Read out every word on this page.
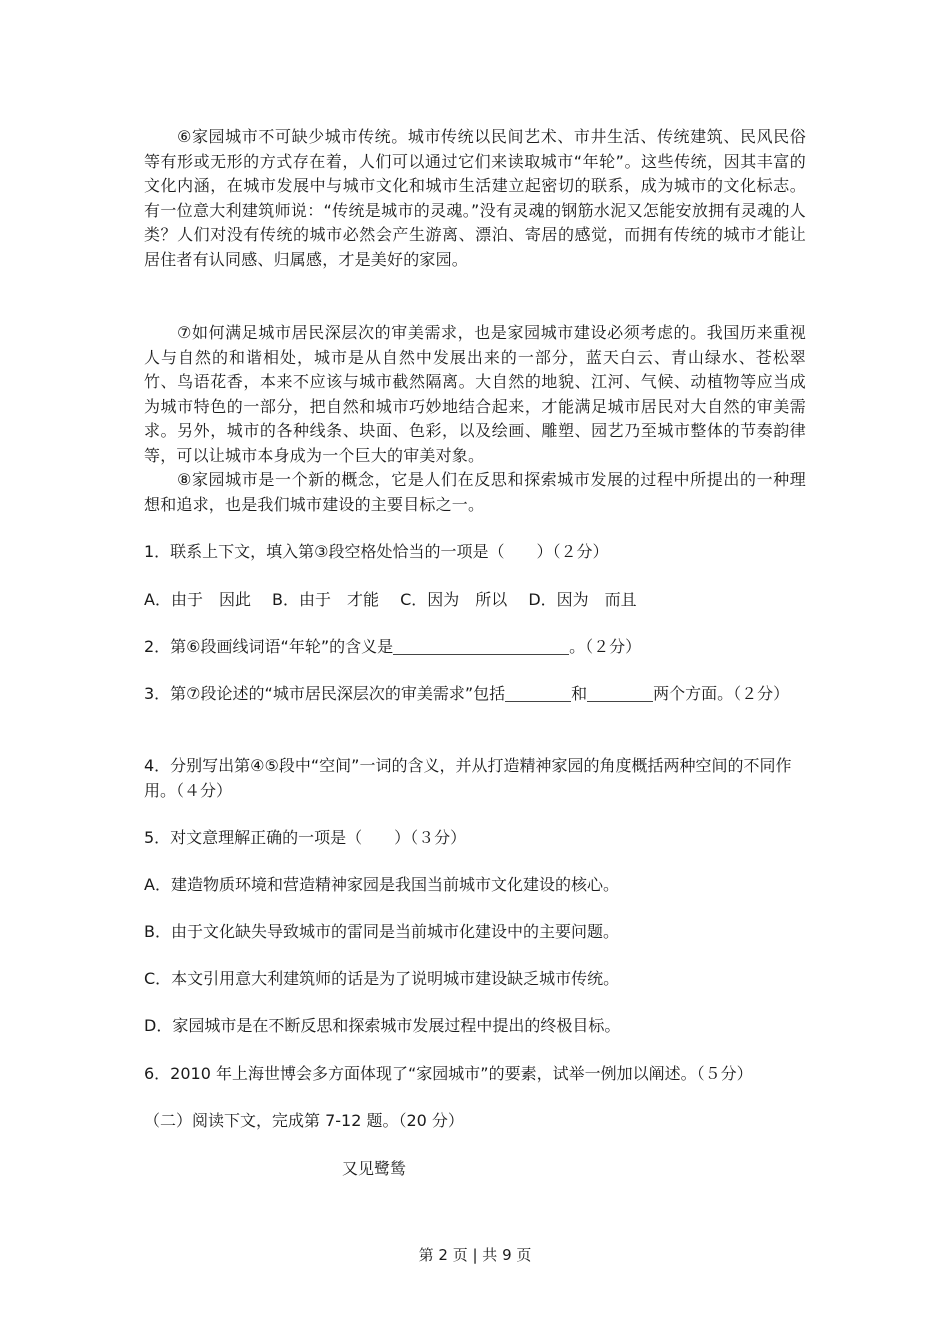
⑥家园城市不可缺少城市传统。城市传统以民间艺术、市井生活、传统建筑、民风民俗等有形或无形的方式存在着，人们可以通过它们来读取城市“年轮”。这些传统，因其丰富的文化内涵，在城市发展中与城市文化和城市生活建立起密切的联系，成为城市的文化标志。有一位意大利建筑师说：“传统是城市的灵魂。”没有灵魂的钢筋水泥又怎能安放拥有灵魂的人类？人们对没有传统的城市必然会产生游离、漂泊、寄居的感觉，而拥有传统的城市才能让居住者有认同感、归属感，才是美好的家园。

⑦如何满足城市居民深层次的审美需求，也是家园城市建设必须考虑的。我国历来重视人与自然的和谐相处，城市是从自然中发展出来的一部分，蓝天白云、青山绿水、苍松翠竹、鸟语花香，本来不应该与城市截然隔离。大自然的地貌、江河、气候、动植物等应当成为城市特色的一部分，把自然和城市巧妙地结合起来，才能满足城市居民对大自然的审美需求。另外，城市的各种线条、块面、色彩，以及绘画、雕塑、园艺乃至城市整体的节奏韵律等，可以让城市本身成为一个巨大的审美对象。

⑧家园城市是一个新的概念，它是人们在反思和探索城市发展的过程中所提出的一种理想和追求，也是我们城市建设的主要目标之一。

1．联系上下文，填入第③段空格处恰当的一项是（　　）（２分）

A．由于　因此　 B．由于　才能　 C．因为　所以　 D．因为　而且

2．第⑥段画线词语“年轮”的含义是	。（２分）

3．第⑦段论述的“城市居民深层次的审美需求”包括	和	两个方面。（２分）

4．分别写出第④⑤段中“空间”一词的含义，并从打造精神家园的角度概括两种空间的不同作用。（４分）

5．对文意理解正确的一项是（　　）（３分）

A．建造物质环境和营造精神家园是我国当前城市文化建设的核心。

B．由于文化缺失导致城市的雷同是当前城市化建设中的主要问题。

C．本文引用意大利建筑师的话是为了说明城市建设缺乏城市传统。

D．家园城市是在不断反思和探索城市发展过程中提出的终极目标。

6．2010 年上海世博会多方面体现了“家园城市”的要素，试举一例加以阐述。（５分）

（二）阅读下文，完成第 7-12 题。（20 分）

又见鹭鸶

第 2 页 | 共 9 页
